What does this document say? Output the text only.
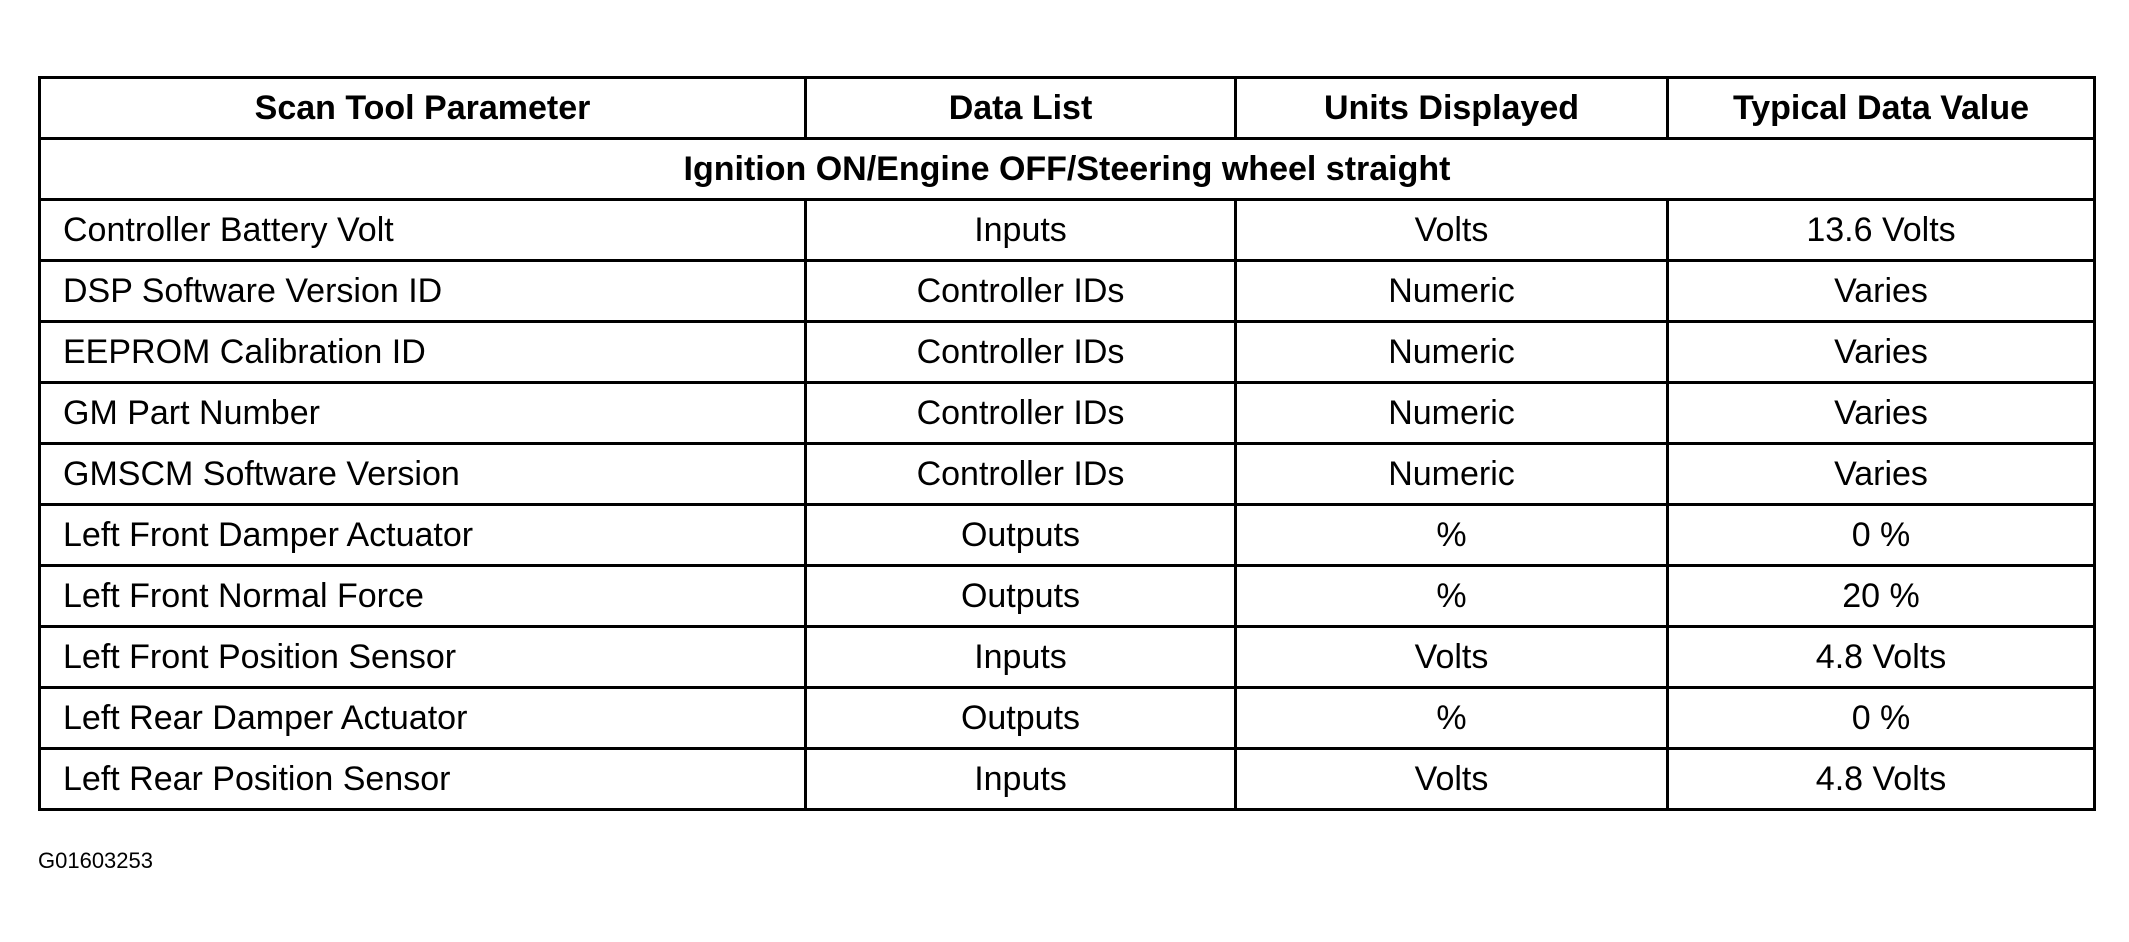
Scan Tool Parameter	Data List	Units Displayed	Typical Data Value
Ignition ON/Engine OFF/Steering wheel straight			
Controller Battery Volt	Inputs	Volts	13.6 Volts
DSP Software Version ID	Controller IDs	Numeric	Varies
EEPROM Calibration ID	Controller IDs	Numeric	Varies
GM Part Number	Controller IDs	Numeric	Varies
GMSCM Software Version	Controller IDs	Numeric	Varies
Left Front Damper Actuator	Outputs	%	0 %
Left Front Normal Force	Outputs	%	20 %
Left Front Position Sensor	Inputs	Volts	4.8 Volts
Left Rear Damper Actuator	Outputs	%	0 %
Left Rear Position Sensor	Inputs	Volts	4.8 Volts
G01603253
